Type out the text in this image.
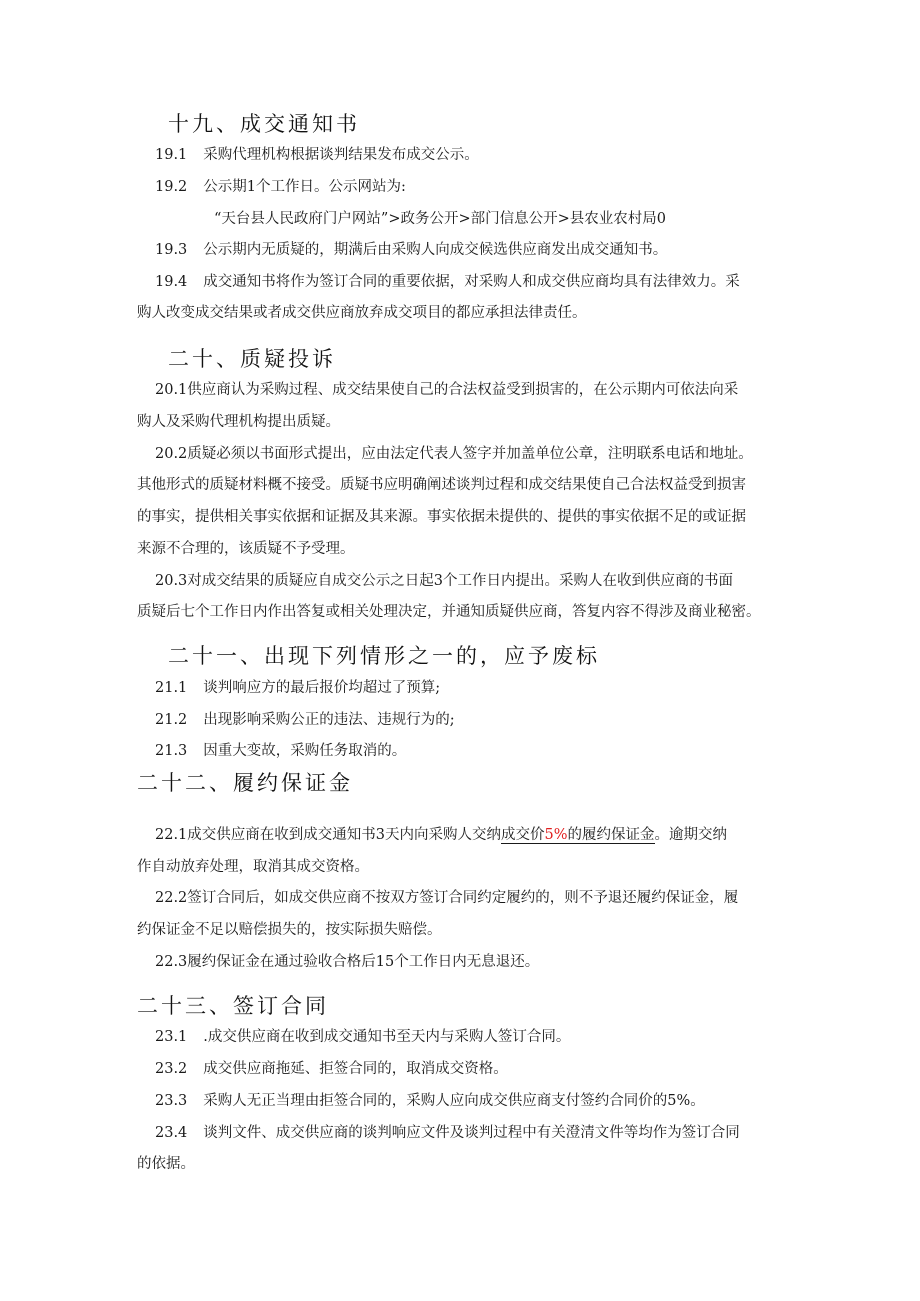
十九、成交通知书
19.1 采购代理机构根据谈判结果发布成交公示。
19.2 公示期1个工作日。公示网站为:
“天台县人民政府门户网站”>政务公开>部门信息公开>县农业农村局0
19.3 公示期内无质疑的，期满后由采购人向成交候选供应商发出成交通知书。
19.4 成交通知书将作为签订合同的重要依据，对采购人和成交供应商均具有法律效力。采
购人改变成交结果或者成交供应商放弃成交项目的都应承担法律责任。
二十、质疑投诉
20.1供应商认为采购过程、成交结果使自己的合法权益受到损害的，在公示期内可依法向采
购人及采购代理机构提出质疑。
20.2质疑必须以书面形式提出，应由法定代表人签字并加盖单位公章，注明联系电话和地址。
其他形式的质疑材料概不接受。质疑书应明确阐述谈判过程和成交结果使自己合法权益受到损害
的事实，提供相关事实依据和证据及其来源。事实依据未提供的、提供的事实依据不足的或证据
来源不合理的，该质疑不予受理。
20.3对成交结果的质疑应自成交公示之日起3个工作日内提出。采购人在收到供应商的书面
质疑后七个工作日内作出答复或相关处理决定，并通知质疑供应商，答复内容不得涉及商业秘密。
二十一、出现下列情形之一的，应予废标
21.1 谈判响应方的最后报价均超过了预算;
21.2 出现影响采购公正的违法、违规行为的;
21.3 因重大变故，采购任务取消的。
二十二、履约保证金
22.1成交供应商在收到成交通知书3天内向采购人交纳成交价5%的履约保证金。逾期交纳
作自动放弃处理，取消其成交资格。
22.2签订合同后，如成交供应商不按双方签订合同约定履约的，则不予退还履约保证金，履
约保证金不足以赔偿损失的，按实际损失赔偿。
22.3履约保证金在通过验收合格后15个工作日内无息退还。
二十三、签订合同
23.1 .成交供应商在收到成交通知书至天内与采购人签订合同。
23.2 成交供应商拖延、拒签合同的，取消成交资格。
23.3 采购人无正当理由拒签合同的，采购人应向成交供应商支付签约合同价的5%。
23.4 谈判文件、成交供应商的谈判响应文件及谈判过程中有关澄清文件等均作为签订合同
的依据。
